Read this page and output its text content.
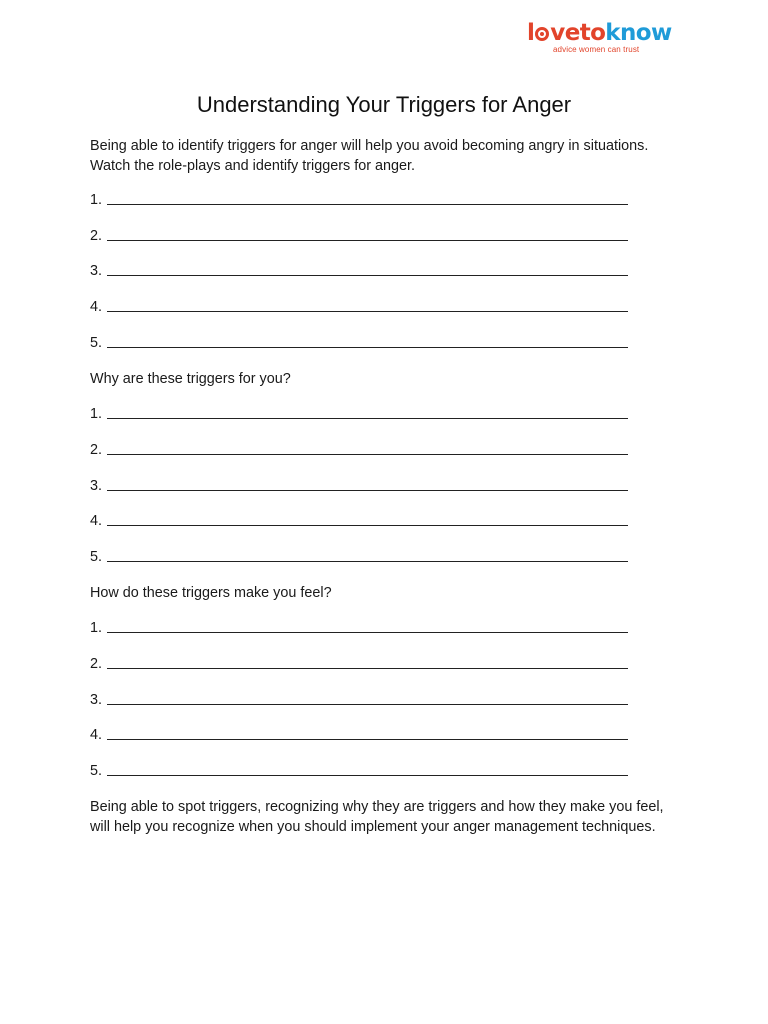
l vetoknow
advice women can trust
Understanding Your Triggers for Anger

Being able to identify triggers for anger will help you avoid becoming angry in situations. Watch the role-plays and identify triggers for anger.

1.
2.
3.
4.
5.

Why are these triggers for you?

1.
2.
3.
4.
5.

How do these triggers make you feel?

1.
2.
3.
4.
5.

Being able to spot triggers, recognizing why they are triggers and how they make you feel, will help you recognize when you should implement your anger management techniques.
